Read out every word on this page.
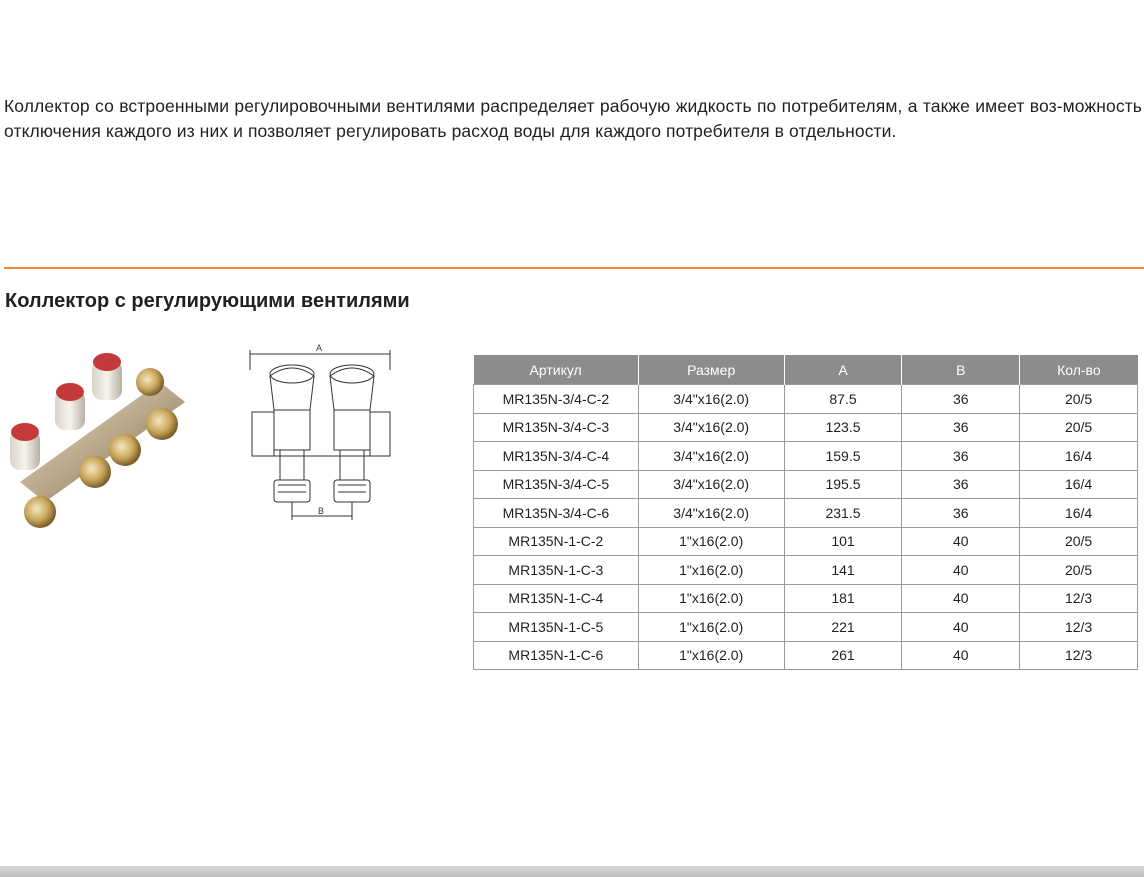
Коллектор со встроенными регулировочными вентилями распределяет рабочую жидкость по потребителям, а также имеет воз-можность отключения каждого из них и позволяет регулировать расход воды для каждого потребителя в отдельности.

Коллектор с регулирующими вентилями
A
B
Артикул	Размер	A	B	Кол-во
MR135N-3/4-C-2	3/4"x16(2.0)	87.5	36	20/5
MR135N-3/4-C-3	3/4"x16(2.0)	123.5	36	20/5
MR135N-3/4-C-4	3/4"x16(2.0)	159.5	36	16/4
MR135N-3/4-C-5	3/4"x16(2.0)	195.5	36	16/4
MR135N-3/4-C-6	3/4"x16(2.0)	231.5	36	16/4
MR135N-1-C-2	1"x16(2.0)	101	40	20/5
MR135N-1-C-3	1"x16(2.0)	141	40	20/5
MR135N-1-C-4	1"x16(2.0)	181	40	12/3
MR135N-1-C-5	1"x16(2.0)	221	40	12/3
MR135N-1-C-6	1"x16(2.0)	261	40	12/3
